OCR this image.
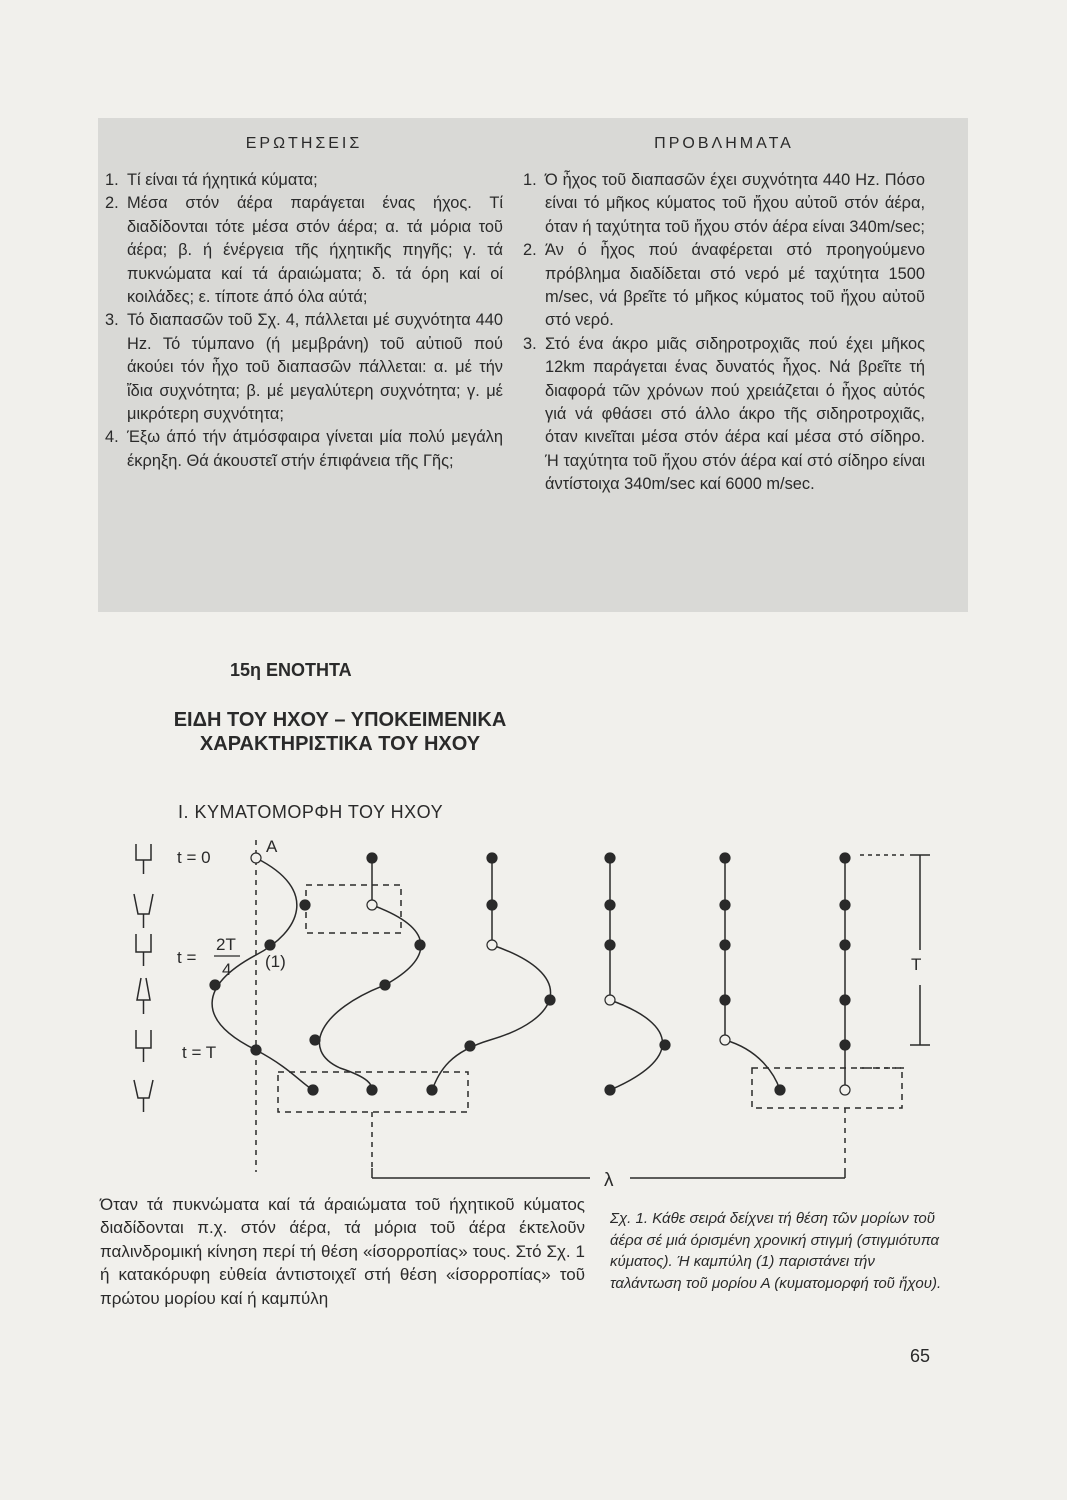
ΕΡΩΤΗΣΕΙΣ
1. Τί είναι τά ήχητικά κύματα;
2. Μέσα στόν άέρα παράγεται ένας ήχος. Τί διαδίδονται τότε μέσα στόν άέρα; α. τά μόρια τοῦ άέρα; β. ή ένέργεια τῆς ήχητικῆς πηγῆς; γ. τά πυκνώματα καί τά άραιώματα; δ. τά όρη καί οί κοιλάδες; ε. τίποτε άπό όλα αύτά;
3. Τό διαπασῶν τοῦ Σχ. 4, πάλλεται μέ συχνότητα 440 Hz. Τό τύμπανο (ή μεμβράνη) τοῦ αὐτιοῦ πού άκούει τόν ἦχο τοῦ διαπασῶν πάλλεται: α. μέ τήν ἴδια συχνότητα; β. μέ μεγαλύτερη συχνότητα; γ. μέ μικρότερη συχνότητα;
4. Έξω άπό τήν άτμόσφαιρα γίνεται μία πολύ μεγάλη έκρηξη. Θά άκουστεῖ στήν έπιφάνεια τῆς Γῆς;
ΠΡΟΒΛΗΜΑΤΑ
1. Ό ἦχος τοῦ διαπασῶν έχει συχνότητα 440 Hz. Πόσο είναι τό μῆκος κύματος τοῦ ἤχου αὐτοῦ στόν άέρα, όταν ή ταχύτητα τοῦ ἤχου στόν άέρα είναι 340m/sec;
2. Άν ό ἦχος πού άναφέρεται στό προηγούμενο πρόβλημα διαδίδεται στό νερό μέ ταχύτητα 1500 m/sec, νά βρεῖτε τό μῆκος κύματος τοῦ ἤχου αὐτοῦ στό νερό.
3. Στό ένα άκρο μιᾶς σιδηροτροχιᾶς πού έχει μῆκος 12km παράγεται ένας δυνατός ἦχος. Νά βρεῖτε τή διαφορά τῶν χρόνων πού χρειάζεται ό ἦχος αὐτός γιά νά φθάσει στό άλλο άκρο τῆς σιδηροτροχιᾶς, όταν κινεῖται μέσα στόν άέρα καί μέσα στό σίδηρο. Ή ταχύτητα τοῦ ἤχου στόν άέρα καί στό σίδηρο είναι άντίστοιχα 340m/sec καί 6000 m/sec.
15η ΕΝΟΤΗΤΑ
ΕΙΔΗ ΤΟΥ ΗΧΟΥ – ΥΠΟΚΕΙΜΕΝΙΚΑ
ΧΑΡΑΚΤΗΡΙΣΤΙΚΑ ΤΟΥ ΗΧΟΥ
Ι. ΚΥΜΑΤΟΜΟΡΦΗ ΤΟΥ ΗΧΟΥ
t = 0
A
t =
2T
4 (1)
t = T
T
λ
Όταν τά πυκνώματα καί τά άραιώματα τοῦ ήχητικοῦ κύματος διαδίδονται π.χ. στόν άέρα, τά μόρια τοῦ άέρα έκτελοῦν παλινδρομική κίνηση περί τή θέση «ίσορροπίας» τους. Στό Σχ. 1 ή κατακόρυφη εὐθεία άντιστοιχεῖ στή θέση «ίσορροπίας» τοῦ πρώτου μορίου καί ή καμπύλη
Σχ. 1. Κάθε σειρά δείχνει τή θέση τῶν μορίων τοῦ άέρα σέ μιά όρισμένη χρονική στιγμή (στιγμιότυπα κύματος). Ή καμπύλη (1) παριστάνει τήν ταλάντωση τοῦ μορίου Α (κυματομορφή τοῦ ἤχου).
65
